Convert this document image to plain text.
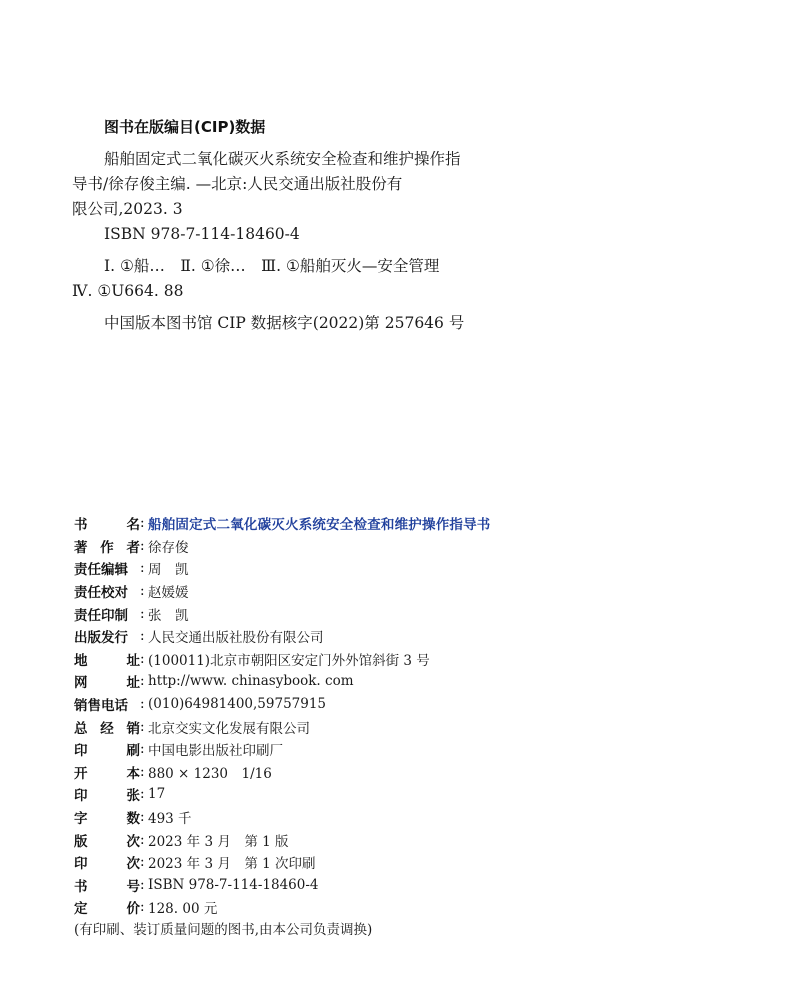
图书在版编目(CIP)数据
船舶固定式二氧化碳灭火系统安全检查和维护操作指
导书/徐存俊主编. —北京:人民交通出版社股份有
限公司,2023. 3
ISBN 978-7-114-18460-4
Ⅰ. ①船…　Ⅱ. ①徐…　Ⅲ. ①船舶灭火—安全管理
Ⅳ. ①U664. 88
中国版本图书馆 CIP 数据核字(2022)第 257646 号
书	名 : 船舶固定式二氧化碳灭火系统安全检查和维护操作指导书
著 作 者 : 徐存俊
责任编辑 : 周　凯
责任校对 : 赵媛媛
责任印制 : 张　凯
出版发行 : 人民交通出版社股份有限公司
地	址 : (100011)北京市朝阳区安定门外外馆斜街 3 号
网	址 : http://www. chinasybook. com
销售电话 : (010)64981400,59757915
总 经 销 : 北京交实文化发展有限公司
印	刷 : 中国电影出版社印刷厂
开	本 : 880 × 1230　1/16
印	张 : 17
字	数 : 493 千
版	次 : 2023 年 3 月　第 1 版
印	次 : 2023 年 3 月　第 1 次印刷
书	号 : ISBN 978-7-114-18460-4
定	价 : 128. 00 元
(有印刷、装订质量问题的图书,由本公司负责调换)
